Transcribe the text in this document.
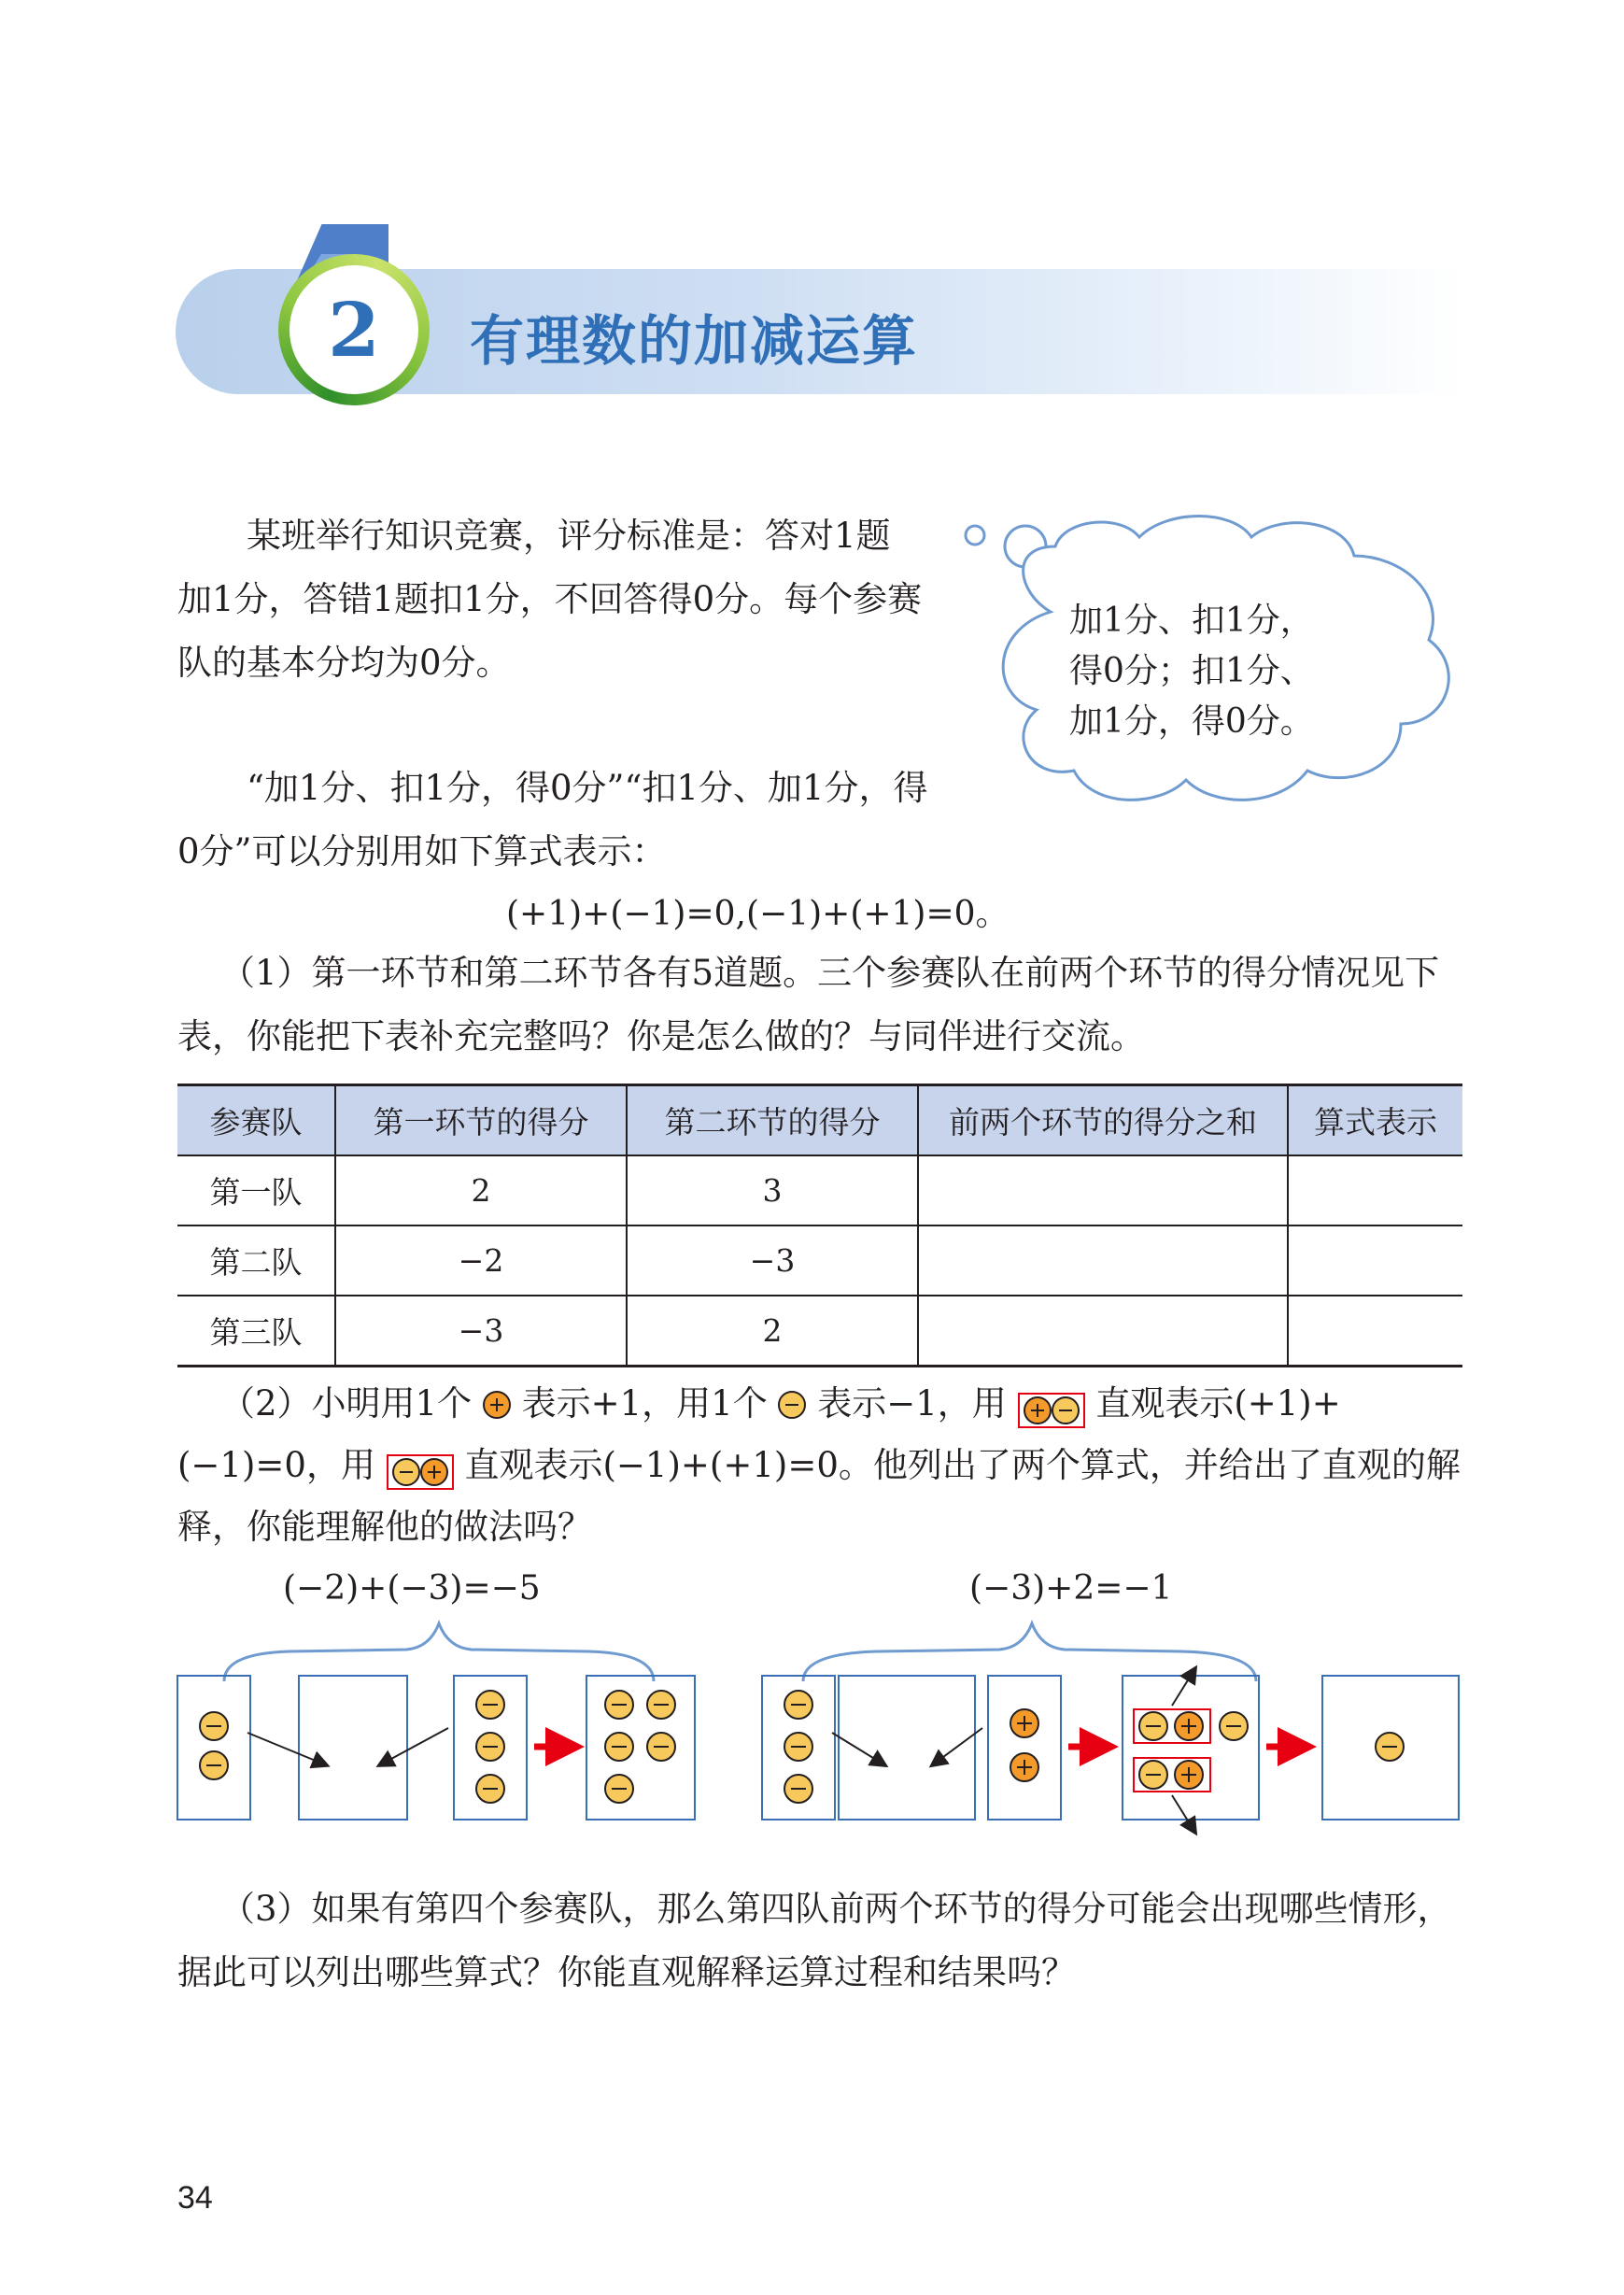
2	有理数的加减运算
某班举行知识竞赛，评分标准是：答对1题加1分，答错1题扣1分，不回答得0分。每个参赛队的基本分均为0分。
加1分、扣1分，
得0分；扣1分、
加1分，得0分。
“加1分、扣1分，得0分”“扣1分、加1分，得0分”可以分别用如下算式表示：
(+1)+(−1)=0,(−1)+(+1)=0。
（1）第一环节和第二环节各有5道题。三个参赛队在前两个环节的得分情况见下表，你能把下表补充完整吗？你是怎么做的？与同伴进行交流。
参赛队	第一环节的得分	第二环节的得分	前两个环节的得分之和	算式表示
第一队	2	3		
第二队	−2	−3		
第三队	−3	2		
（2）小明用1个 表示+1，用1个 表示−1，用	直观表示(+1)+(−1)=0，用	直观表示(−1)+(+1)=0。他列出了两个算式，并给出了直观的解释，你能理解他的做法吗？
(−2)+(−3)=−5	(−3)+2=−1
（3）如果有第四个参赛队，那么第四队前两个环节的得分可能会出现哪些情形，据此可以列出哪些算式？你能直观解释运算过程和结果吗？
34
